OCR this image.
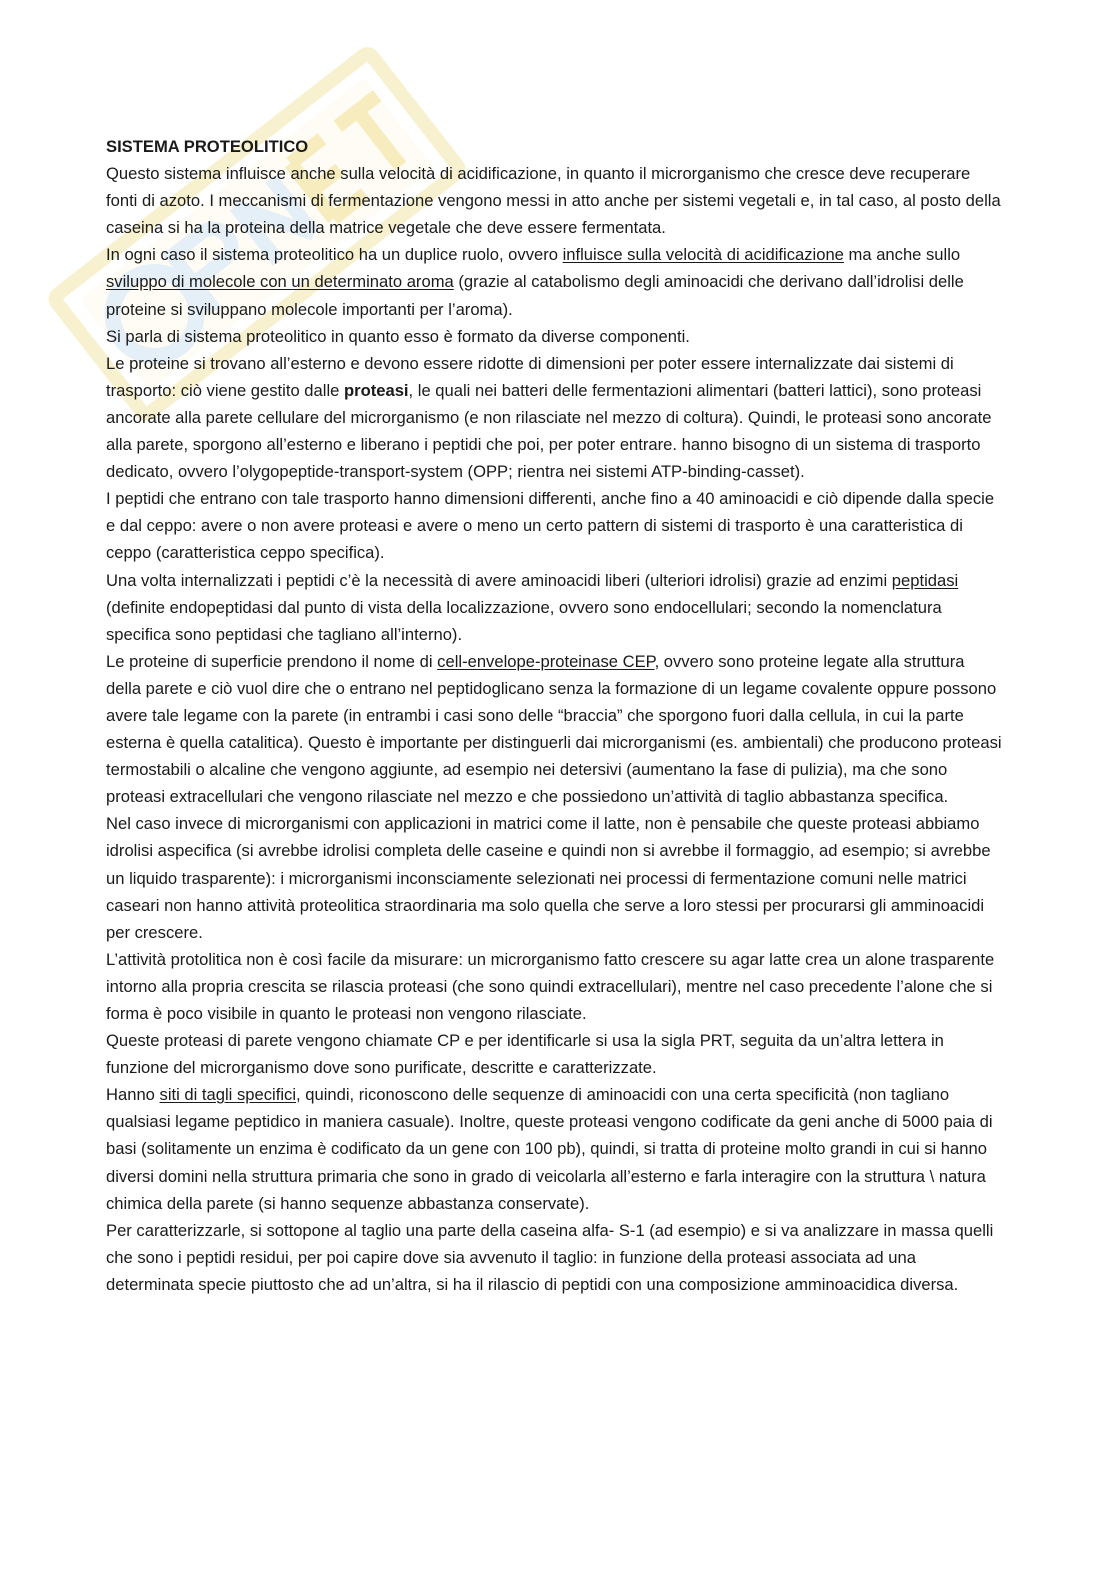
SISTEMA PROTEOLITICO

Questo sistema influisce anche sulla velocità di acidificazione, in quanto il microrganismo che cresce deve recuperare fonti di azoto. I meccanismi di fermentazione vengono messi in atto anche per sistemi vegetali e, in tal caso, al posto della caseina si ha la proteina della matrice vegetale che deve essere fermentata.

In ogni caso il sistema proteolitico ha un duplice ruolo, ovvero influisce sulla velocità di acidificazione ma anche sullo sviluppo di molecole con un determinato aroma (grazie al catabolismo degli aminoacidi che derivano dall’idrolisi delle proteine si sviluppano molecole importanti per l’aroma).

Si parla di sistema proteolitico in quanto esso è formato da diverse componenti.

Le proteine si trovano all’esterno e devono essere ridotte di dimensioni per poter essere internalizzate dai sistemi di trasporto: ciò viene gestito dalle proteasi, le quali nei batteri delle fermentazioni alimentari (batteri lattici), sono proteasi ancorate alla parete cellulare del microrganismo (e non rilasciate nel mezzo di coltura). Quindi, le proteasi sono ancorate alla parete, sporgono all’esterno e liberano i peptidi che poi, per poter entrare. hanno bisogno di un sistema di trasporto dedicato, ovvero l’olygopeptide-transport-system (OPP; rientra nei sistemi ATP-binding-casset).

I peptidi che entrano con tale trasporto hanno dimensioni differenti, anche fino a 40 aminoacidi e ciò dipende dalla specie e dal ceppo: avere o non avere proteasi e avere o meno un certo pattern di sistemi di trasporto è una caratteristica di ceppo (caratteristica ceppo specifica).

Una volta internalizzati i peptidi c’è la necessità di avere aminoacidi liberi (ulteriori idrolisi) grazie ad enzimi peptidasi (definite endopeptidasi dal punto di vista della localizzazione, ovvero sono endocellulari; secondo la nomenclatura specifica sono peptidasi che tagliano all’interno).

Le proteine di superficie prendono il nome di cell-envelope-proteinase CEP, ovvero sono proteine legate alla struttura della parete e ciò vuol dire che o entrano nel peptidoglicano senza la formazione di un legame covalente oppure possono avere tale legame con la parete (in entrambi i casi sono delle “braccia” che sporgono fuori dalla cellula, in cui la parte esterna è quella catalitica). Questo è importante per distinguerli dai microrganismi (es. ambientali) che producono proteasi termostabili o alcaline che vengono aggiunte, ad esempio nei detersivi (aumentano la fase di pulizia), ma che sono proteasi extracellulari che vengono rilasciate nel mezzo e che possiedono un’attività di taglio abbastanza specifica.

Nel caso invece di microrganismi con applicazioni in matrici come il latte, non è pensabile che queste proteasi abbiamo idrolisi aspecifica (si avrebbe idrolisi completa delle caseine e quindi non si avrebbe il formaggio, ad esempio; si avrebbe un liquido trasparente): i microrganismi inconsciamente selezionati nei processi di fermentazione comuni nelle matrici caseari non hanno attività proteolitica straordinaria ma solo quella che serve a loro stessi per procurarsi gli amminoacidi per crescere.

L’attività protolitica non è così facile da misurare: un microrganismo fatto crescere su agar latte crea un alone trasparente intorno alla propria crescita se rilascia proteasi (che sono quindi extracellulari), mentre nel caso precedente l’alone che si forma è poco visibile in quanto le proteasi non vengono rilasciate.

Queste proteasi di parete vengono chiamate CP e per identificarle si usa la sigla PRT, seguita da un’altra lettera in funzione del microrganismo dove sono purificate, descritte e caratterizzate.

Hanno siti di tagli specifici, quindi, riconoscono delle sequenze di aminoacidi con una certa specificità (non tagliano qualsiasi legame peptidico in maniera casuale). Inoltre, queste proteasi vengono codificate da geni anche di 5000 paia di basi (solitamente un enzima è codificato da un gene con 100 pb), quindi, si tratta di proteine molto grandi in cui si hanno diversi domini nella struttura primaria che sono in grado di veicolarla all’esterno e farla interagire con la struttura \ natura chimica della parete (si hanno sequenze abbastanza conservate).

Per caratterizzarle, si sottopone al taglio una parte della caseina alfa- S-1 (ad esempio) e si va analizzare in massa quelli che sono i peptidi residui, per poi capire dove sia avvenuto il taglio: in funzione della proteasi associata ad una determinata specie piuttosto che ad un’altra, si ha il rilascio di peptidi con una composizione amminoacidica diversa.
